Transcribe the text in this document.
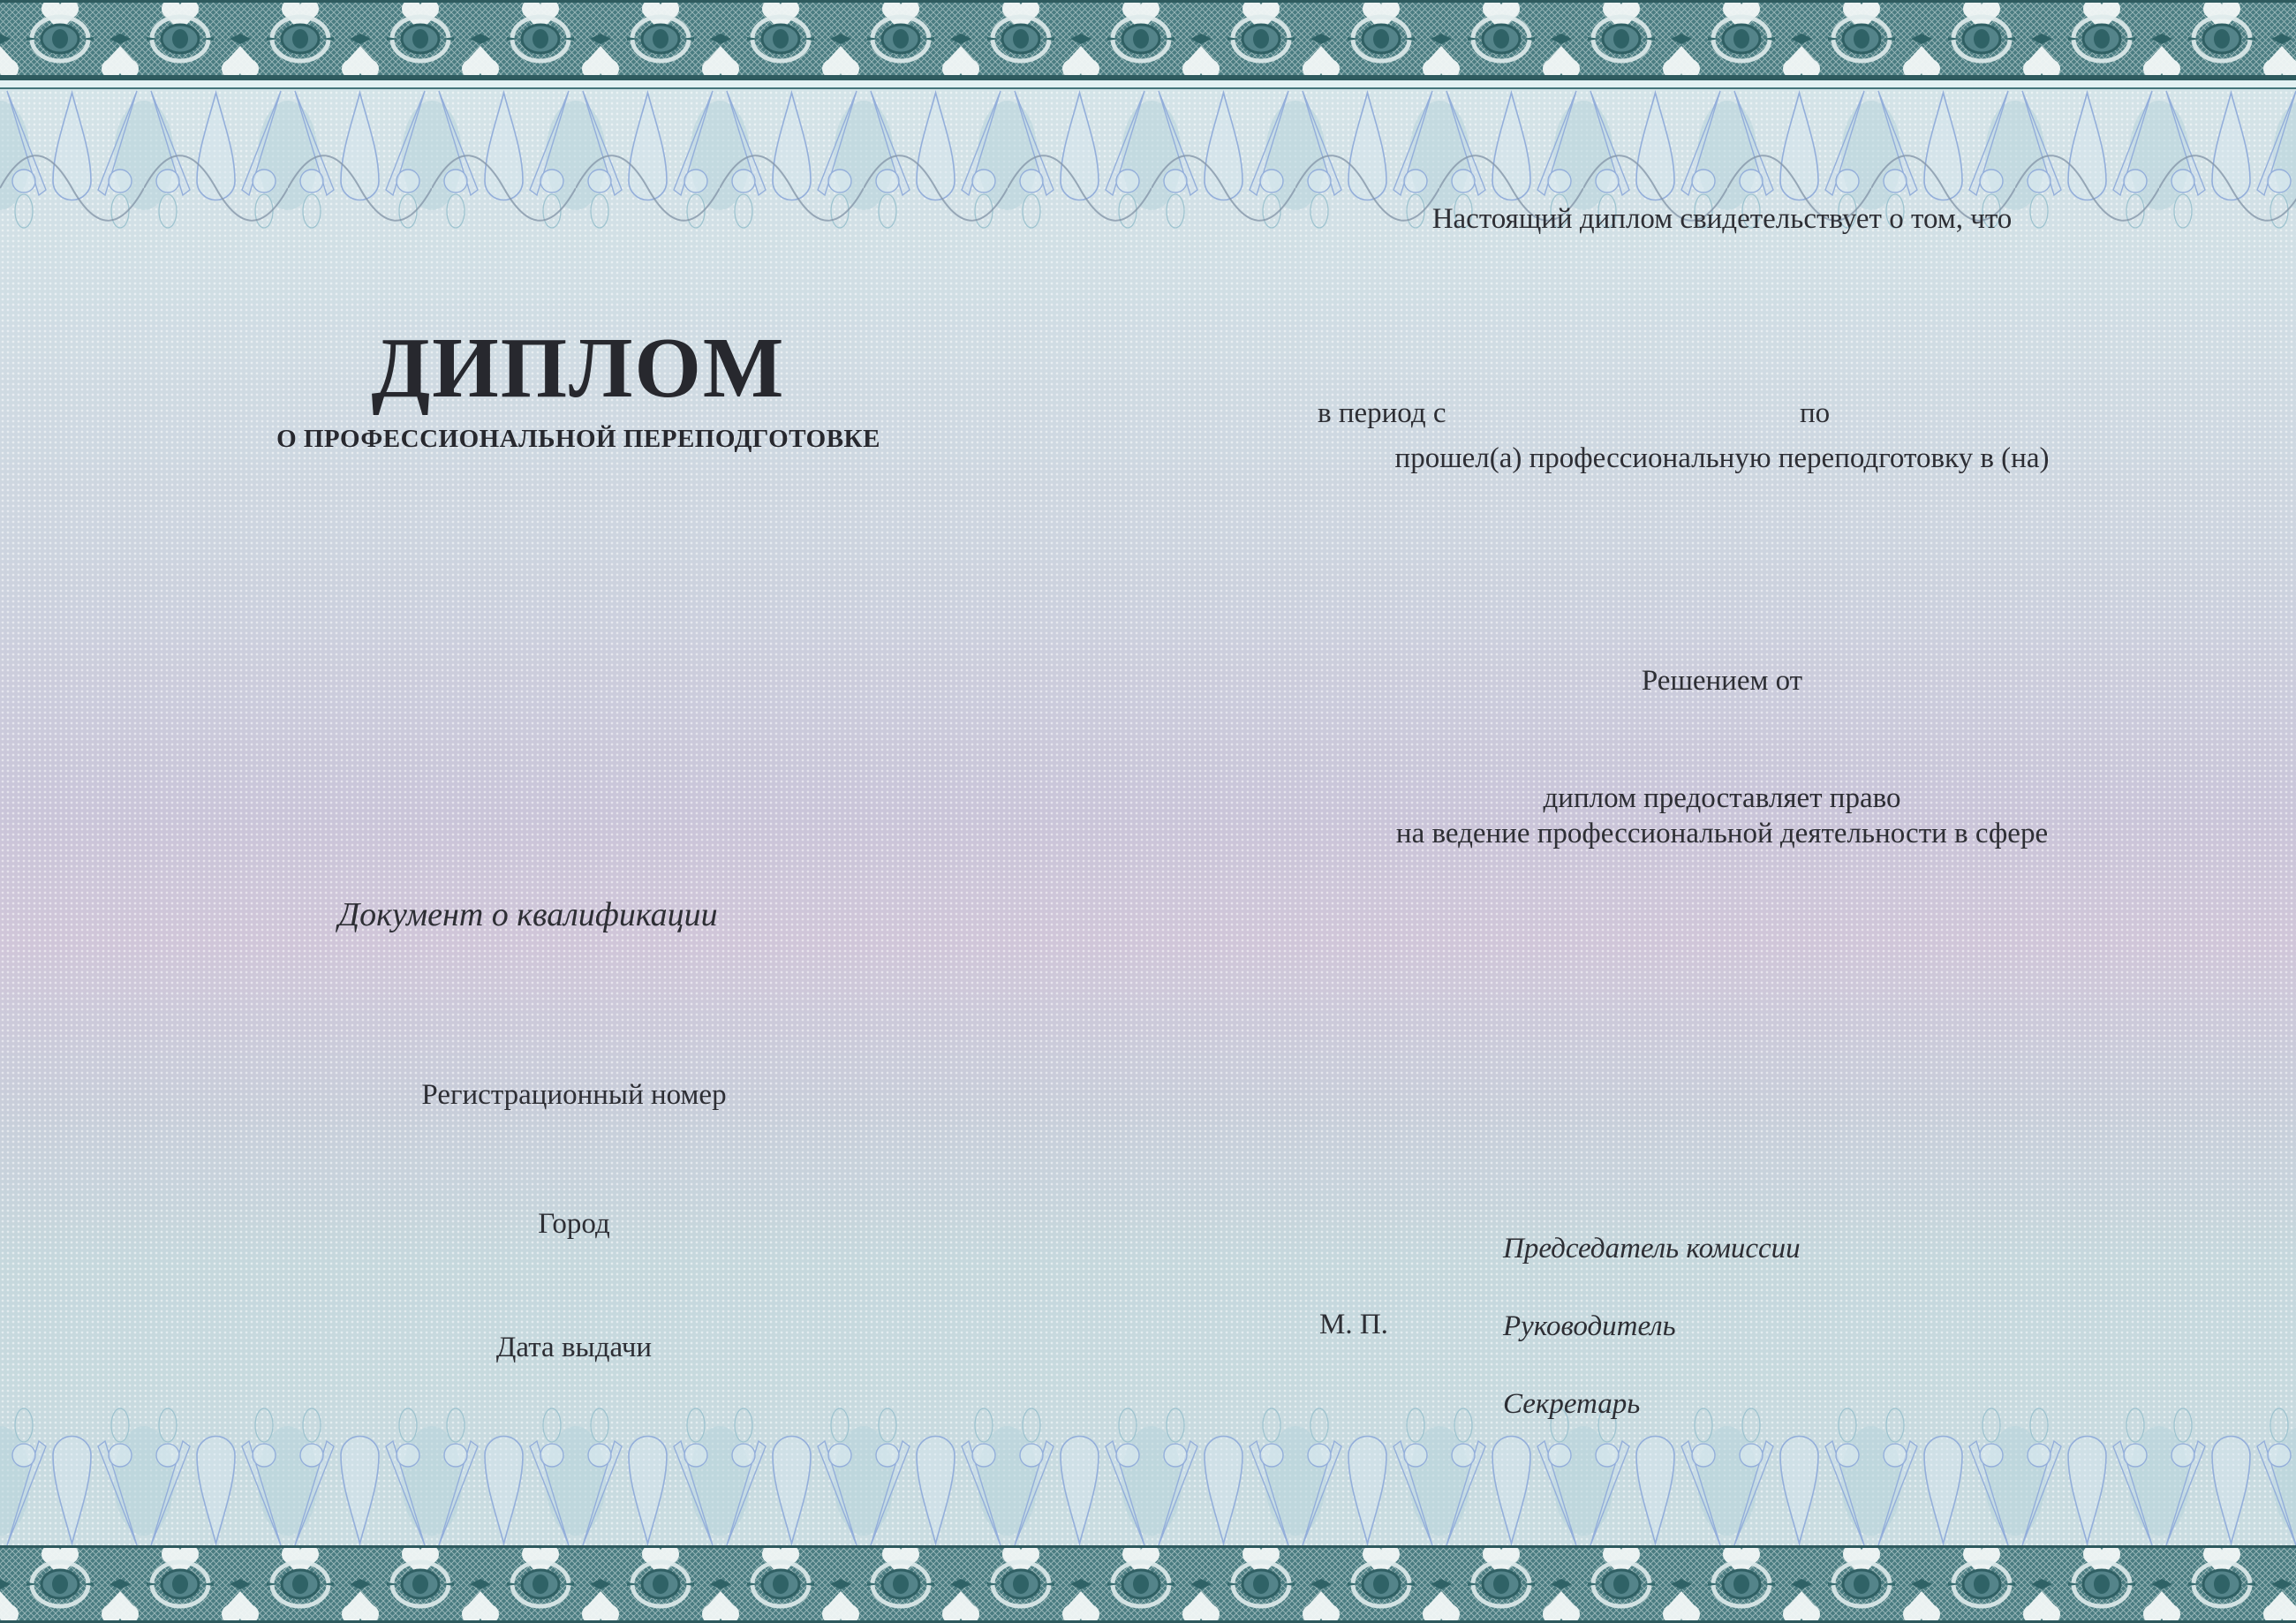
ДИПЛОМ
О ПРОФЕССИОНАЛЬНОЙ ПЕРЕПОДГОТОВКЕ
Документ о квалификации
Регистрационный номер
Город
Дата выдачи
Настоящий диплом свидетельствует о том, что
в период с	по
прошел(а) профессиональную переподготовку в (на)
Решением от
диплом предоставляет право
на ведение профессиональной деятельности в сфере
М. П.
Председатель комиссии
Руководитель
Секретарь
